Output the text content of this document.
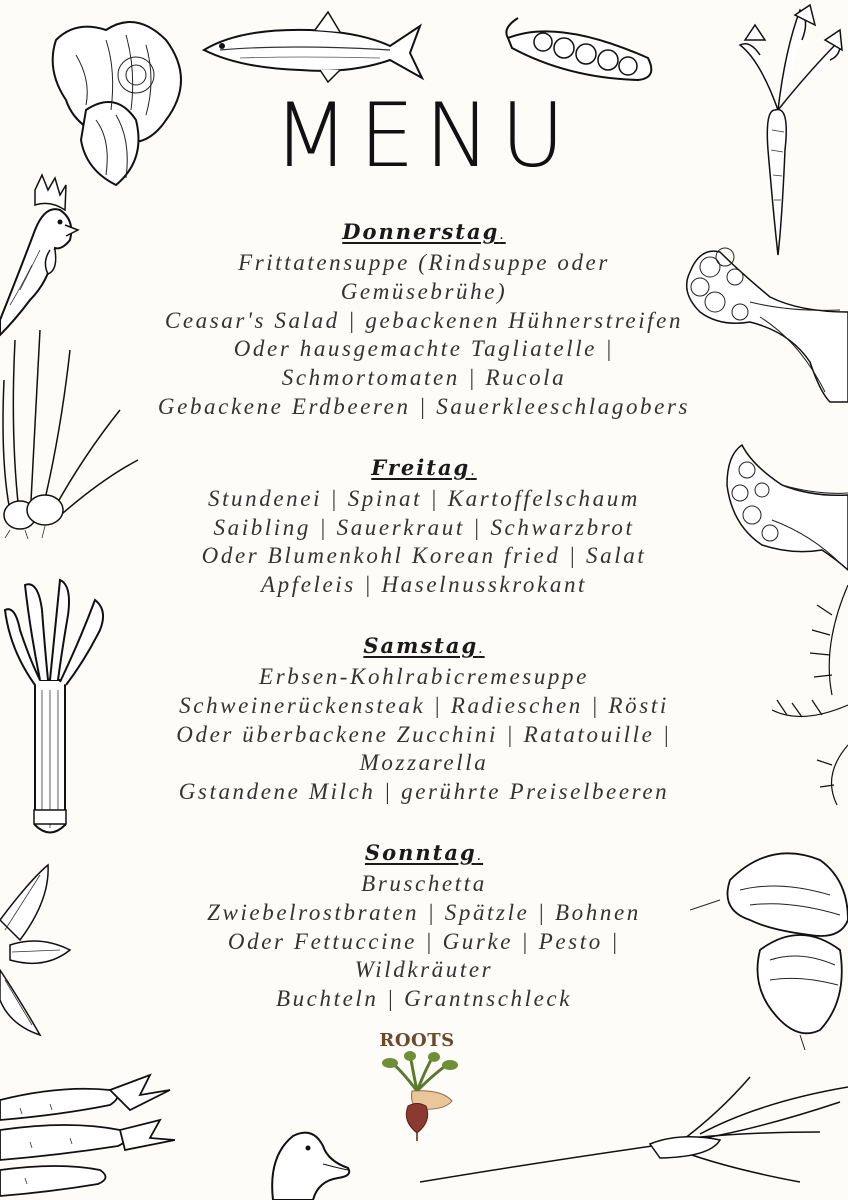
MENU
Donnerstag.
Frittatensuppe (Rindsuppe oder
Gemüsebrühe)
Ceasar's Salad | gebackenen Hühnerstreifen
Oder hausgemachte Tagliatelle |
Schmortomaten | Rucola
Gebackene Erdbeeren | Sauerkleeschlagobers
Freitag.
Stundenei | Spinat | Kartoffelschaum
Saibling | Sauerkraut | Schwarzbrot
Oder Blumenkohl Korean fried | Salat
Apfeleis | Haselnusskrokant
Samstag.
Erbsen-Kohlrabicremesuppe
Schweinerückensteak | Radieschen | Rösti
Oder überbackene Zucchini | Ratatouille |
Mozzarella
Gstandene Milch | gerührte Preiselbeeren
Sonntag.
Bruschetta
Zwiebelrostbraten | Spätzle | Bohnen
Oder Fettuccine | Gurke | Pesto |
Wildkräuter
Buchteln | Grantnschleck
ROOTS
